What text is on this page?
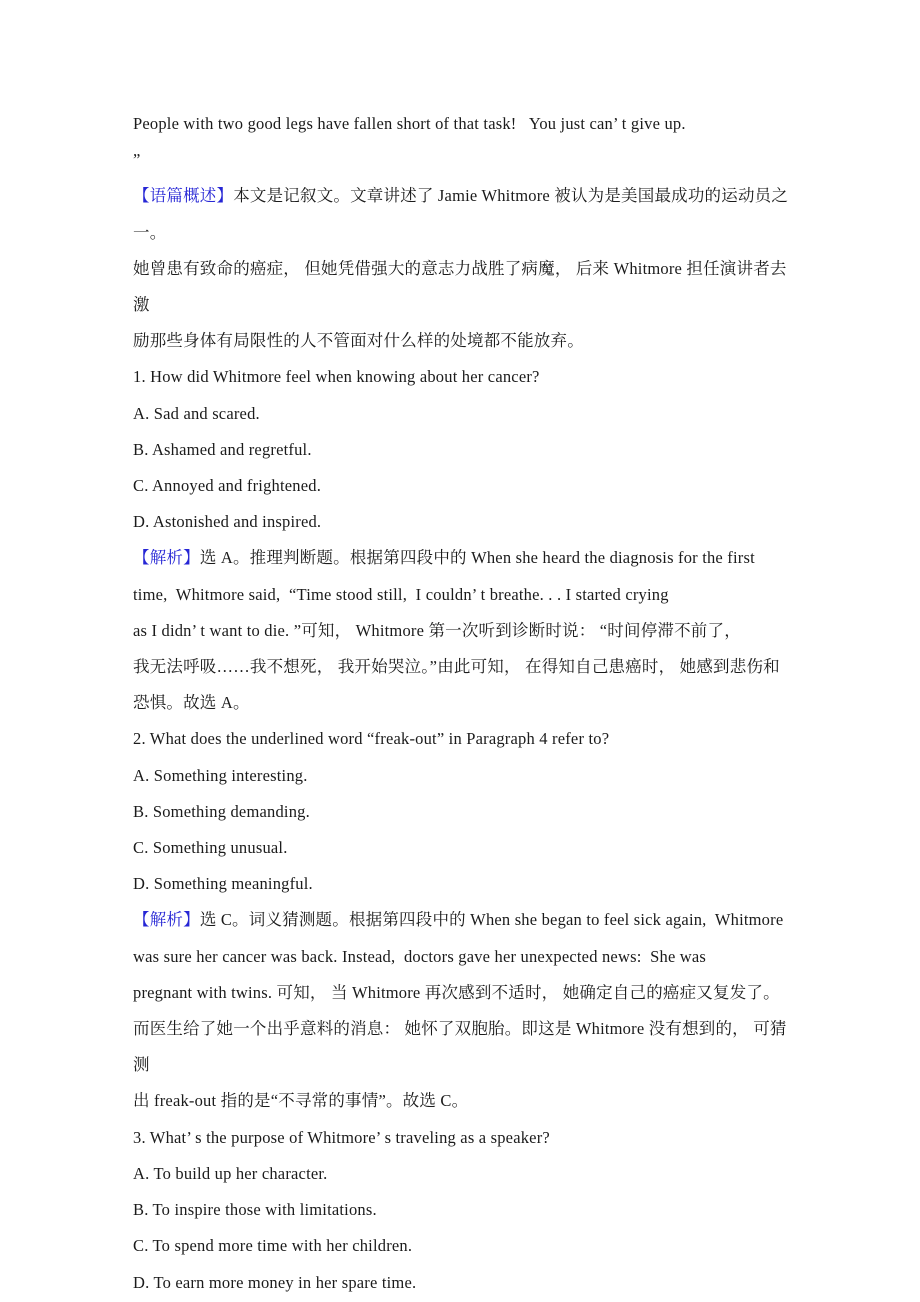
People with two good legs have fallen short of that task!   You just can’ t give up.

”

【语篇概述】本文是记叙文。文章讲述了 Jamie Whitmore 被认为是美国最成功的运动员之一。

她曾患有致命的癌症， 但她凭借强大的意志力战胜了病魔， 后来 Whitmore 担任演讲者去激

励那些身体有局限性的人不管面对什么样的处境都不能放弃。

1. How did Whitmore feel when knowing about her cancer?

A. Sad and scared.

B. Ashamed and regretful.

C. Annoyed and frightened.

D. Astonished and inspired.

【解析】选 A。推理判断题。根据第四段中的 When she heard the diagnosis for the first

time,  Whitmore said,  “Time stood still,  I couldn’ t breathe. . . I started crying

as I didn’ t want to die. ”可知， Whitmore 第一次听到诊断时说： “时间停滞不前了，

我无法呼吸……我不想死， 我开始哭泣。”由此可知， 在得知自己患癌时， 她感到悲伤和

恐惧。故选 A。

2. What does the underlined word “freak-out” in Paragraph 4 refer to?

A. Something interesting.

B. Something demanding.

C. Something unusual.

D. Something meaningful.

【解析】选 C。词义猜测题。根据第四段中的 When she began to feel sick again,  Whitmore

was sure her cancer was back. Instead,  doctors gave her unexpected news:  She was

pregnant with twins. 可知， 当 Whitmore 再次感到不适时， 她确定自己的癌症又复发了。

而医生给了她一个出乎意料的消息： 她怀了双胞胎。即这是 Whitmore 没有想到的， 可猜测

出 freak-out 指的是“不寻常的事情”。故选 C。

3. What’ s the purpose of Whitmore’ s traveling as a speaker?

A. To build up her character.

B. To inspire those with limitations.

C. To spend more time with her children.

D. To earn more money in her spare time.
